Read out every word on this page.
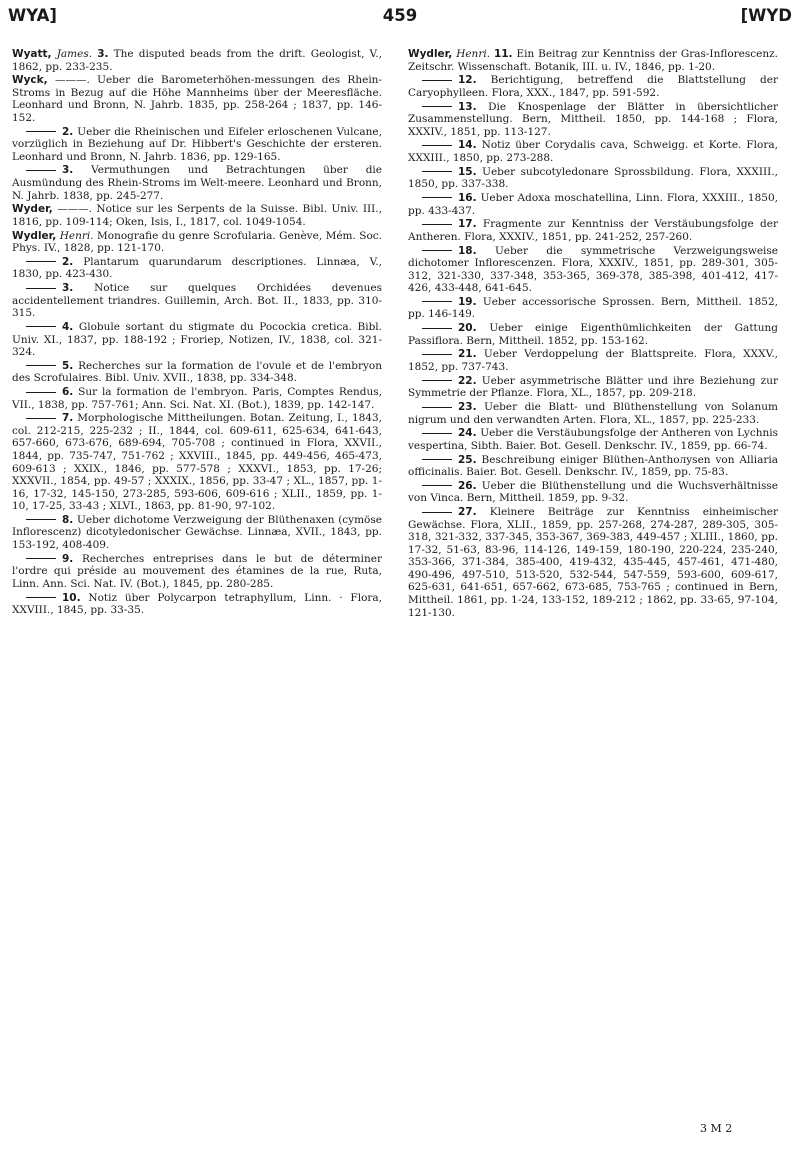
WYA]	459	[WYD

Wyatt, James. 3. The disputed beads from the drift. Geologist, V., 1862, pp. 233-235.

Wyck, ———. Ueber die Barometerhöhen-messungen des Rhein-Stroms in Bezug auf die Höhe Mannheims über der Meeresfläche. Leonhard und Bronn, N. Jahrb. 1835, pp. 258-264 ; 1837, pp. 146-152.

2. Ueber die Rheinischen und Eifeler erloschenen Vulcane, vorzüglich in Beziehung auf Dr. Hibbert's Geschichte der ersteren. Leonhard und Bronn, N. Jahrb. 1836, pp. 129-165.

3. Vermuthungen und Betrachtungen über die Ausmündung des Rhein-Stroms im Welt-meere. Leonhard und Bronn, N. Jahrb. 1838, pp. 245-277.

Wyder, ———. Notice sur les Serpents de la Suisse. Bibl. Univ. III., 1816, pp. 109-114; Oken, Isis, I., 1817, col. 1049-1054.

Wydler, Henri. Monografie du genre Scrofularia. Genève, Mém. Soc. Phys. IV., 1828, pp. 121-170.

2. Plantarum quarundarum descriptiones. Linnæa, V., 1830, pp. 423-430.

3. Notice sur quelques Orchidées devenues accidentellement triandres. Guillemin, Arch. Bot. II., 1833, pp. 310-315.

4. Globule sortant du stigmate du Pocockia cretica. Bibl. Univ. XI., 1837, pp. 188-192 ; Froriep, Notizen, IV., 1838, col. 321-324.

5. Recherches sur la formation de l'ovule et de l'embryon des Scrofulaires. Bibl. Univ. XVII., 1838, pp. 334-348.

6. Sur la formation de l'embryon. Paris, Comptes Rendus, VII., 1838, pp. 757-761; Ann. Sci. Nat. XI. (Bot.), 1839, pp. 142-147.

7. Morphologische Mittheilungen. Botan. Zeitung, I., 1843, col. 212-215, 225-232 ; II., 1844, col. 609-611, 625-634, 641-643, 657-660, 673-676, 689-694, 705-708 ; continued in Flora, XXVII., 1844, pp. 735-747, 751-762 ; XXVIII., 1845, pp. 449-456, 465-473, 609-613 ; XXIX., 1846, pp. 577-578 ; XXXVI., 1853, pp. 17-26; XXXVII., 1854, pp. 49-57 ; XXXIX., 1856, pp. 33-47 ; XL., 1857, pp. 1-16, 17-32, 145-150, 273-285, 593-606, 609-616 ; XLII., 1859, pp. 1-10, 17-25, 33-43 ; XLVI., 1863, pp. 81-90, 97-102.

8. Ueber dichotome Verzweigung der Blüthenaxen (cymöse Inflorescenz) dicotyledonischer Gewächse. Linnæa, XVII., 1843, pp. 153-192, 408-409.

9. Recherches entreprises dans le but de déterminer l'ordre qui préside au mouvement des étamines de la rue, Ruta, Linn. Ann. Sci. Nat. IV. (Bot.), 1845, pp. 280-285.

10. Notiz über Polycarpon tetraphyllum, Linn. · Flora, XXVIII., 1845, pp. 33-35.

Wydler, Henri. 11. Ein Beitrag zur Kenntniss der Gras-Inflorescenz. Zeitschr. Wissenschaft. Botanik, III. u. IV., 1846, pp. 1-20.

12. Berichtigung, betreffend die Blattstellung der Caryophylleen. Flora, XXX., 1847, pp. 591-592.

13. Die Knospenlage der Blätter in übersichtlicher Zusammenstellung. Bern, Mittheil. 1850, pp. 144-168 ; Flora, XXXIV., 1851, pp. 113-127.

14. Notiz über Corydalis cava, Schweigg. et Korte. Flora, XXXIII., 1850, pp. 273-288.

15. Ueber subcotyledonare Sprossbildung. Flora, XXXIII., 1850, pp. 337-338.

16. Ueber Adoxa moschatellina, Linn. Flora, XXXIII., 1850, pp. 433-437.

17. Fragmente zur Kenntniss der Verstäubungsfolge der Antheren. Flora, XXXIV., 1851, pp. 241-252, 257-260.

18. Ueber die symmetrische Verzweigungsweise dichotomer Inflorescenzen. Flora, XXXIV., 1851, pp. 289-301, 305-312, 321-330, 337-348, 353-365, 369-378, 385-398, 401-412, 417-426, 433-448, 641-645.

19. Ueber accessorische Sprossen. Bern, Mittheil. 1852, pp. 146-149.

20. Ueber einige Eigenthümlichkeiten der Gattung Passiflora. Bern, Mittheil. 1852, pp. 153-162.

21. Ueber Verdoppelung der Blattspreite. Flora, XXXV., 1852, pp. 737-743.

22. Ueber asymmetrische Blätter und ihre Beziehung zur Symmetrie der Pflanze. Flora, XL., 1857, pp. 209-218.

23. Ueber die Blatt- und Blüthenstellung von Solanum nigrum und den verwandten Arten. Flora, XL., 1857, pp. 225-233.

24. Ueber die Verstäubungsfolge der Antheren von Lychnis vespertina, Sibth. Baier. Bot. Gesell. Denkschr. IV., 1859, pp. 66-74.

25. Beschreibung einiger Blüthen-Anthoлysen von Alliaria officinalis. Baier. Bot. Gesell. Denkschr. IV., 1859, pp. 75-83.

26. Ueber die Blüthenstellung und die Wuchsverhältnisse von Vinca. Bern, Mittheil. 1859, pp. 9-32.

27. Kleinere Beiträge zur Kenntniss einheimischer Gewächse. Flora, XLII., 1859, pp. 257-268, 274-287, 289-305, 305-318, 321-332, 337-345, 353-367, 369-383, 449-457 ; XLIII., 1860, pp. 17-32, 51-63, 83-96, 114-126, 149-159, 180-190, 220-224, 235-240, 353-366, 371-384, 385-400, 419-432, 435-445, 457-461, 471-480, 490-496, 497-510, 513-520, 532-544, 547-559, 593-600, 609-617, 625-631, 641-651, 657-662, 673-685, 753-765 ; continued in Bern, Mittheil. 1861, pp. 1-24, 133-152, 189-212 ; 1862, pp. 33-65, 97-104, 121-130.

3 M 2
